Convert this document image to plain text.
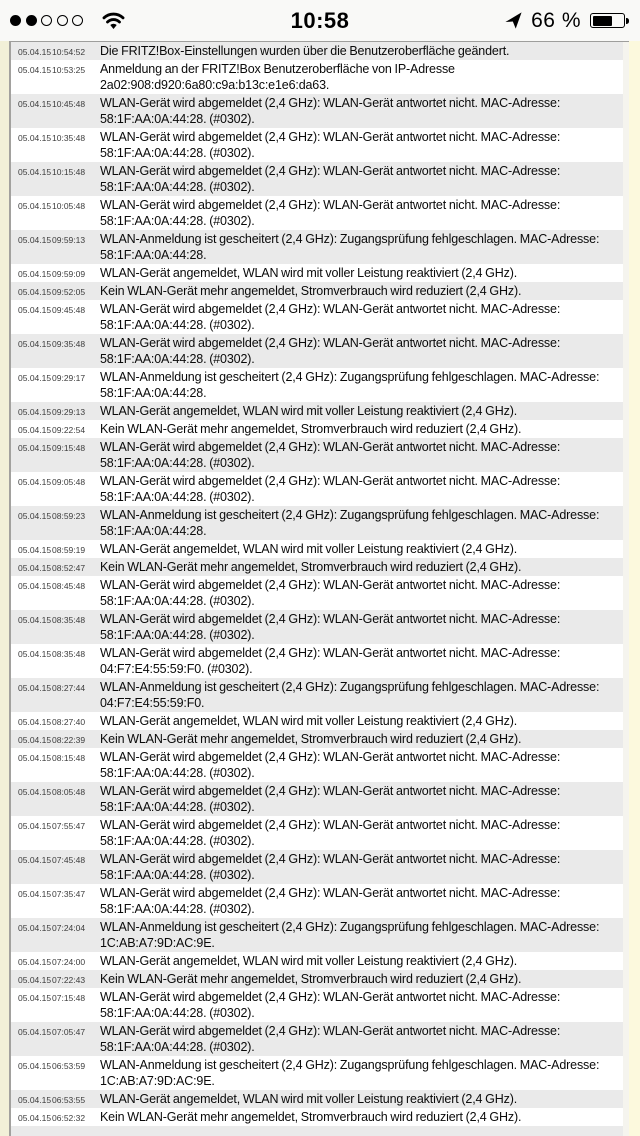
10:58	66 %
05.04.15 10:54:52	Die FRITZ!Box-Einstellungen wurden über die Benutzeroberfläche geändert.
05.04.15 10:53:25	Anmeldung an der FRITZ!Box Benutzeroberfläche von IP-Adresse 2a02:908:d920:6a80:c9a:b13c:e1e6:da63.
05.04.15 10:45:48	WLAN-Gerät wird abgemeldet (2,4 GHz): WLAN-Gerät antwortet nicht. MAC-Adresse: 58:1F:AA:0A:44:28. (#0302).
05.04.15 10:35:48	WLAN-Gerät wird abgemeldet (2,4 GHz): WLAN-Gerät antwortet nicht. MAC-Adresse: 58:1F:AA:0A:44:28. (#0302).
05.04.15 10:15:48	WLAN-Gerät wird abgemeldet (2,4 GHz): WLAN-Gerät antwortet nicht. MAC-Adresse: 58:1F:AA:0A:44:28. (#0302).
05.04.15 10:05:48	WLAN-Gerät wird abgemeldet (2,4 GHz): WLAN-Gerät antwortet nicht. MAC-Adresse: 58:1F:AA:0A:44:28. (#0302).
05.04.15 09:59:13	WLAN-Anmeldung ist gescheitert (2,4 GHz): Zugangsprüfung fehlgeschlagen. MAC-Adresse: 58:1F:AA:0A:44:28.
05.04.15 09:59:09	WLAN-Gerät angemeldet, WLAN wird mit voller Leistung reaktiviert (2,4 GHz).
05.04.15 09:52:05	Kein WLAN-Gerät mehr angemeldet, Stromverbrauch wird reduziert (2,4 GHz).
05.04.15 09:45:48	WLAN-Gerät wird abgemeldet (2,4 GHz): WLAN-Gerät antwortet nicht. MAC-Adresse: 58:1F:AA:0A:44:28. (#0302).
05.04.15 09:35:48	WLAN-Gerät wird abgemeldet (2,4 GHz): WLAN-Gerät antwortet nicht. MAC-Adresse: 58:1F:AA:0A:44:28. (#0302).
05.04.15 09:29:17	WLAN-Anmeldung ist gescheitert (2,4 GHz): Zugangsprüfung fehlgeschlagen. MAC-Adresse: 58:1F:AA:0A:44:28.
05.04.15 09:29:13	WLAN-Gerät angemeldet, WLAN wird mit voller Leistung reaktiviert (2,4 GHz).
05.04.15 09:22:54	Kein WLAN-Gerät mehr angemeldet, Stromverbrauch wird reduziert (2,4 GHz).
05.04.15 09:15:48	WLAN-Gerät wird abgemeldet (2,4 GHz): WLAN-Gerät antwortet nicht. MAC-Adresse: 58:1F:AA:0A:44:28. (#0302).
05.04.15 09:05:48	WLAN-Gerät wird abgemeldet (2,4 GHz): WLAN-Gerät antwortet nicht. MAC-Adresse: 58:1F:AA:0A:44:28. (#0302).
05.04.15 08:59:23	WLAN-Anmeldung ist gescheitert (2,4 GHz): Zugangsprüfung fehlgeschlagen. MAC-Adresse: 58:1F:AA:0A:44:28.
05.04.15 08:59:19	WLAN-Gerät angemeldet, WLAN wird mit voller Leistung reaktiviert (2,4 GHz).
05.04.15 08:52:47	Kein WLAN-Gerät mehr angemeldet, Stromverbrauch wird reduziert (2,4 GHz).
05.04.15 08:45:48	WLAN-Gerät wird abgemeldet (2,4 GHz): WLAN-Gerät antwortet nicht. MAC-Adresse: 58:1F:AA:0A:44:28. (#0302).
05.04.15 08:35:48	WLAN-Gerät wird abgemeldet (2,4 GHz): WLAN-Gerät antwortet nicht. MAC-Adresse: 58:1F:AA:0A:44:28. (#0302).
05.04.15 08:35:48	WLAN-Gerät wird abgemeldet (2,4 GHz): WLAN-Gerät antwortet nicht. MAC-Adresse: 04:F7:E4:55:59:F0. (#0302).
05.04.15 08:27:44	WLAN-Anmeldung ist gescheitert (2,4 GHz): Zugangsprüfung fehlgeschlagen. MAC-Adresse: 04:F7:E4:55:59:F0.
05.04.15 08:27:40	WLAN-Gerät angemeldet, WLAN wird mit voller Leistung reaktiviert (2,4 GHz).
05.04.15 08:22:39	Kein WLAN-Gerät mehr angemeldet, Stromverbrauch wird reduziert (2,4 GHz).
05.04.15 08:15:48	WLAN-Gerät wird abgemeldet (2,4 GHz): WLAN-Gerät antwortet nicht. MAC-Adresse: 58:1F:AA:0A:44:28. (#0302).
05.04.15 08:05:48	WLAN-Gerät wird abgemeldet (2,4 GHz): WLAN-Gerät antwortet nicht. MAC-Adresse: 58:1F:AA:0A:44:28. (#0302).
05.04.15 07:55:47	WLAN-Gerät wird abgemeldet (2,4 GHz): WLAN-Gerät antwortet nicht. MAC-Adresse: 58:1F:AA:0A:44:28. (#0302).
05.04.15 07:45:48	WLAN-Gerät wird abgemeldet (2,4 GHz): WLAN-Gerät antwortet nicht. MAC-Adresse: 58:1F:AA:0A:44:28. (#0302).
05.04.15 07:35:47	WLAN-Gerät wird abgemeldet (2,4 GHz): WLAN-Gerät antwortet nicht. MAC-Adresse: 58:1F:AA:0A:44:28. (#0302).
05.04.15 07:24:04	WLAN-Anmeldung ist gescheitert (2,4 GHz): Zugangsprüfung fehlgeschlagen. MAC-Adresse: 1C:AB:A7:9D:AC:9E.
05.04.15 07:24:00	WLAN-Gerät angemeldet, WLAN wird mit voller Leistung reaktiviert (2,4 GHz).
05.04.15 07:22:43	Kein WLAN-Gerät mehr angemeldet, Stromverbrauch wird reduziert (2,4 GHz).
05.04.15 07:15:48	WLAN-Gerät wird abgemeldet (2,4 GHz): WLAN-Gerät antwortet nicht. MAC-Adresse: 58:1F:AA:0A:44:28. (#0302).
05.04.15 07:05:47	WLAN-Gerät wird abgemeldet (2,4 GHz): WLAN-Gerät antwortet nicht. MAC-Adresse: 58:1F:AA:0A:44:28. (#0302).
05.04.15 06:53:59	WLAN-Anmeldung ist gescheitert (2,4 GHz): Zugangsprüfung fehlgeschlagen. MAC-Adresse: 1C:AB:A7:9D:AC:9E.
05.04.15 06:53:55	WLAN-Gerät angemeldet, WLAN wird mit voller Leistung reaktiviert (2,4 GHz).
05.04.15 06:52:32	Kein WLAN-Gerät mehr angemeldet, Stromverbrauch wird reduziert (2,4 GHz).
